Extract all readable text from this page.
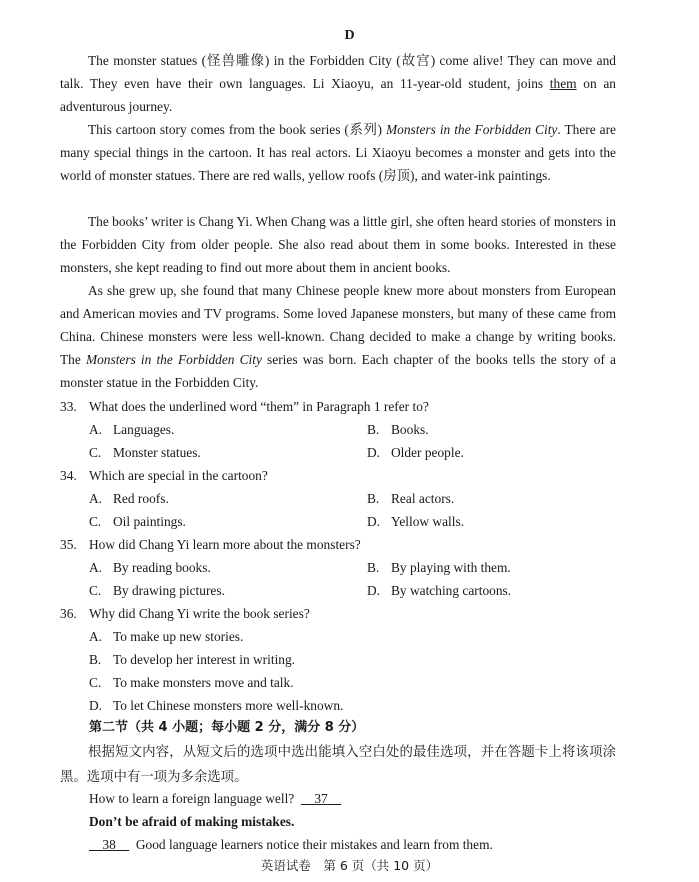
D

The monster statues (怪兽雕像) in the Forbidden City (故宫) come alive! They can move and talk. They even have their own languages. Li Xiaoyu, an 11-year-old student, joins them on an adventurous journey.

This cartoon story comes from the book series (系列) Monsters in the Forbidden City. There are many special things in the cartoon. It has real actors. Li Xiaoyu becomes a monster and gets into the world of monster statues. There are red walls, yellow roofs (房顶), and water-ink paintings.

The books’ writer is Chang Yi. When Chang was a little girl, she often heard stories of monsters in the Forbidden City from older people. She also read about them in some books. Interested in these monsters, she kept reading to find out more about them in ancient books.

As she grew up, she found that many Chinese people knew more about monsters from European and American movies and TV programs. Some loved Japanese monsters, but many of these came from China. Chinese monsters were less well-known. Chang decided to make a change by writing books. The Monsters in the Forbidden City series was born. Each chapter of the books tells the story of a monster statue in the Forbidden City.

33. What does the underlined word “them” in Paragraph 1 refer to?
A. Languages.	B. Books.
C. Monster statues.	D. Older people.
34. Which are special in the cartoon?
A. Red roofs.	B. Real actors.
C. Oil paintings.	D. Yellow walls.
35. How did Chang Yi learn more about the monsters?
A. By reading books.	B. By playing with them.
C. By drawing pictures.	D. By watching cartoons.
36. Why did Chang Yi write the book series?
A. To make up new stories.
B. To develop her interest in writing.
C. To make monsters move and talk.
D. To let Chinese monsters more well-known.
第二节（共 4 小题；每小题 2 分，满分 8 分）

根据短文内容，从短文后的选项中选出能填入空白处的最佳选项，并在答题卡上将该项涂黑。选项中有一项为多余选项。

How to learn a foreign language well? 37
Don’t be afraid of making mistakes.
38 Good language learners notice their mistakes and learn from them.
英语试卷　第 6 页（共 10 页）
